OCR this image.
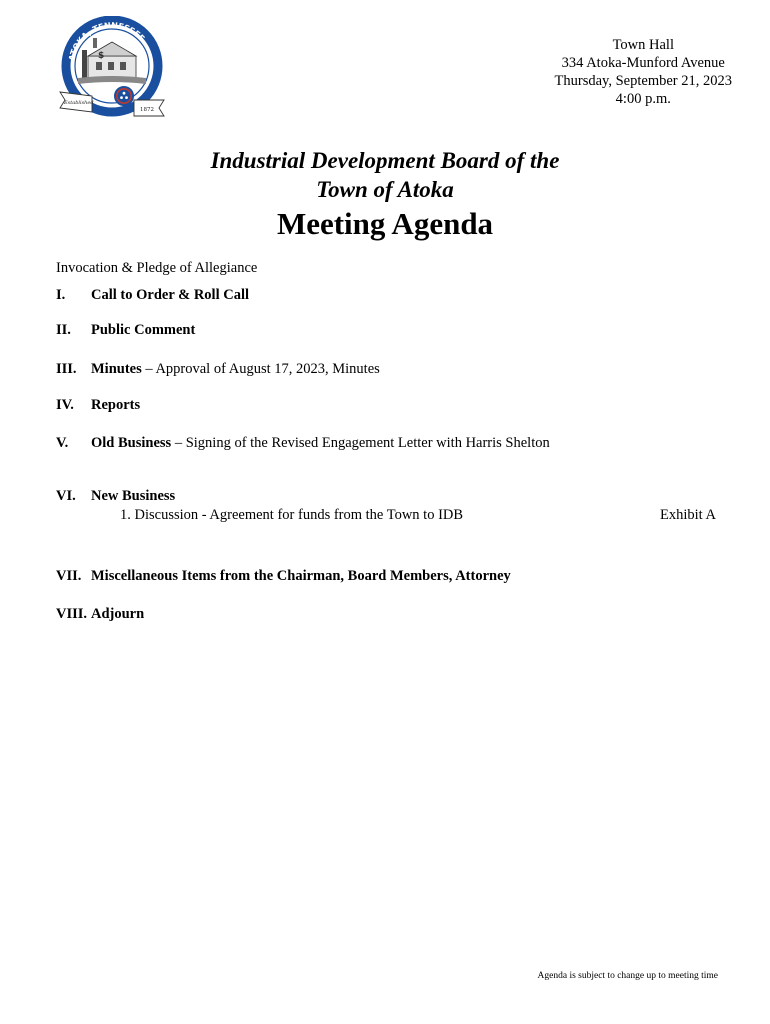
ATOKA, TENNESSEE
$
Established
1872
Town Hall
334 Atoka-Munford Avenue
Thursday, September 21, 2023
4:00 p.m.
Industrial Development Board of the
Town of Atoka
Meeting Agenda
Invocation & Pledge of Allegiance
I. Call to Order & Roll Call
II. Public Comment
III. Minutes – Approval of August 17, 2023, Minutes
IV. Reports
V. Old Business – Signing of the Revised Engagement Letter with Harris Shelton
VI. New Business
1. Discussion - Agreement for funds from the Town to IDB	Exhibit A
VII. Miscellaneous Items from the Chairman, Board Members, Attorney
VIII. Adjourn
Agenda is subject to change up to meeting time
